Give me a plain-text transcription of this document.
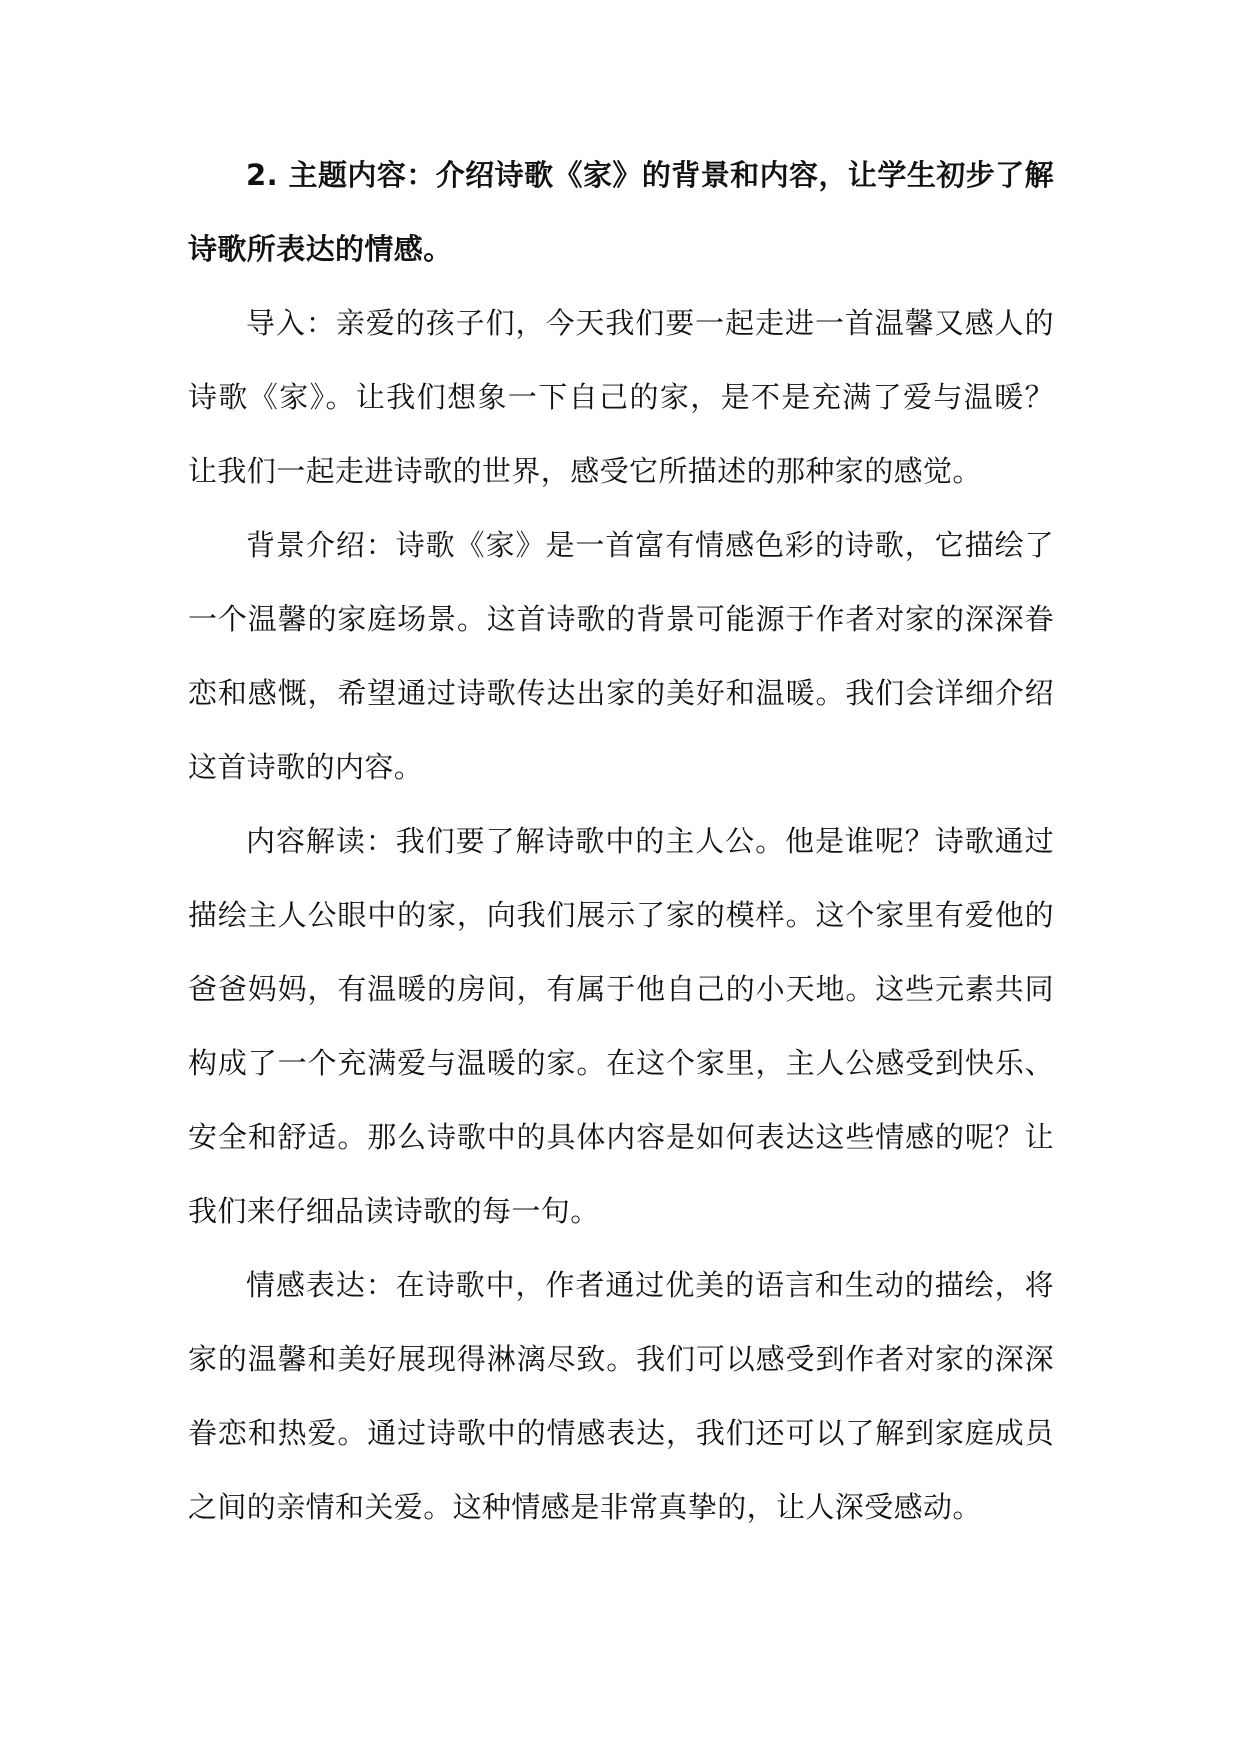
2. 主题内容：介绍诗歌《家》的背景和内容，让学生初步了解诗歌所表达的情感。

导入：亲爱的孩子们，今天我们要一起走进一首温馨又感人的诗歌《家》。让我们想象一下自己的家，是不是充满了爱与温暖？让我们一起走进诗歌的世界，感受它所描述的那种家的感觉。

背景介绍：诗歌《家》是一首富有情感色彩的诗歌，它描绘了一个温馨的家庭场景。这首诗歌的背景可能源于作者对家的深深眷恋和感慨，希望通过诗歌传达出家的美好和温暖。我们会详细介绍这首诗歌的内容。

内容解读：我们要了解诗歌中的主人公。他是谁呢？诗歌通过描绘主人公眼中的家，向我们展示了家的模样。这个家里有爱他的爸爸妈妈，有温暖的房间，有属于他自己的小天地。这些元素共同构成了一个充满爱与温暖的家。在这个家里，主人公感受到快乐、安全和舒适。那么诗歌中的具体内容是如何表达这些情感的呢？让我们来仔细品读诗歌的每一句。

情感表达：在诗歌中，作者通过优美的语言和生动的描绘，将家的温馨和美好展现得淋漓尽致。我们可以感受到作者对家的深深眷恋和热爱。通过诗歌中的情感表达，我们还可以了解到家庭成员之间的亲情和关爱。这种情感是非常真挚的，让人深受感动。
